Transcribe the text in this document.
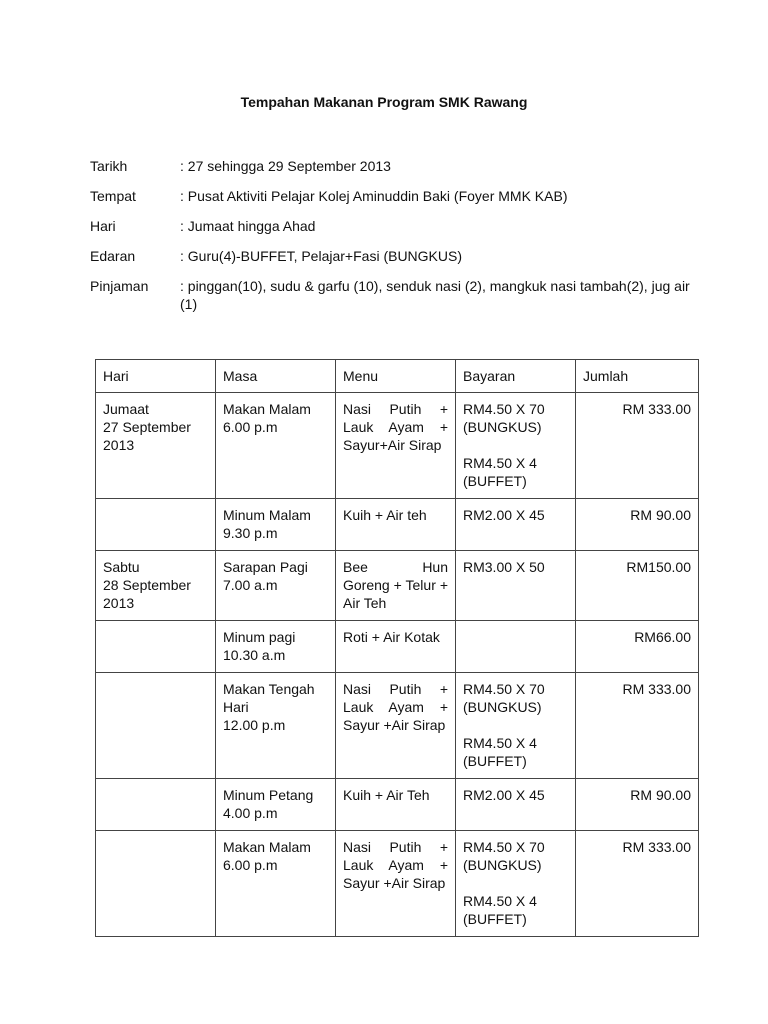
Tempahan Makanan Program SMK Rawang
Tarikh	: 27 sehingga 29 September 2013
Tempat	: Pusat Aktiviti Pelajar Kolej Aminuddin Baki (Foyer MMK KAB)
Hari	: Jumaat hingga Ahad
Edaran	: Guru(4)-BUFFET, Pelajar+Fasi (BUNGKUS)
Pinjaman	: pinggan(10), sudu & garfu (10), senduk nasi (2), mangkuk nasi tambah(2), jug air (1)
Hari	Masa	Menu	Bayaran	Jumlah

Jumaat
27 September
2013	Makan Malam
6.00 p.m	Nasi Putih + Lauk Ayam + Sayur+Air Sirap	RM4.50 X 70
(BUNGKUS)
RM4.50 X 4
(BUFFET)	RM 333.00

	Minum Malam
9.30 p.m	Kuih + Air teh	RM2.00 X 45	RM 90.00

Sabtu
28 September
2013	Sarapan Pagi
7.00 a.m	Bee Hun Goreng + Telur + Air Teh	RM3.00 X 50	RM150.00

	Minum pagi
10.30 a.m	Roti + Air Kotak		RM66.00

	Makan Tengah Hari
12.00 p.m	Nasi Putih + Lauk Ayam + Sayur +Air Sirap	RM4.50 X 70
(BUNGKUS)
RM4.50 X 4
(BUFFET)	RM 333.00

	Minum Petang
4.00 p.m	Kuih + Air Teh	RM2.00 X 45	RM 90.00

	Makan Malam
6.00 p.m	Nasi Putih + Lauk Ayam + Sayur +Air Sirap	RM4.50 X 70
(BUNGKUS)
RM4.50 X 4
(BUFFET)	RM 333.00
